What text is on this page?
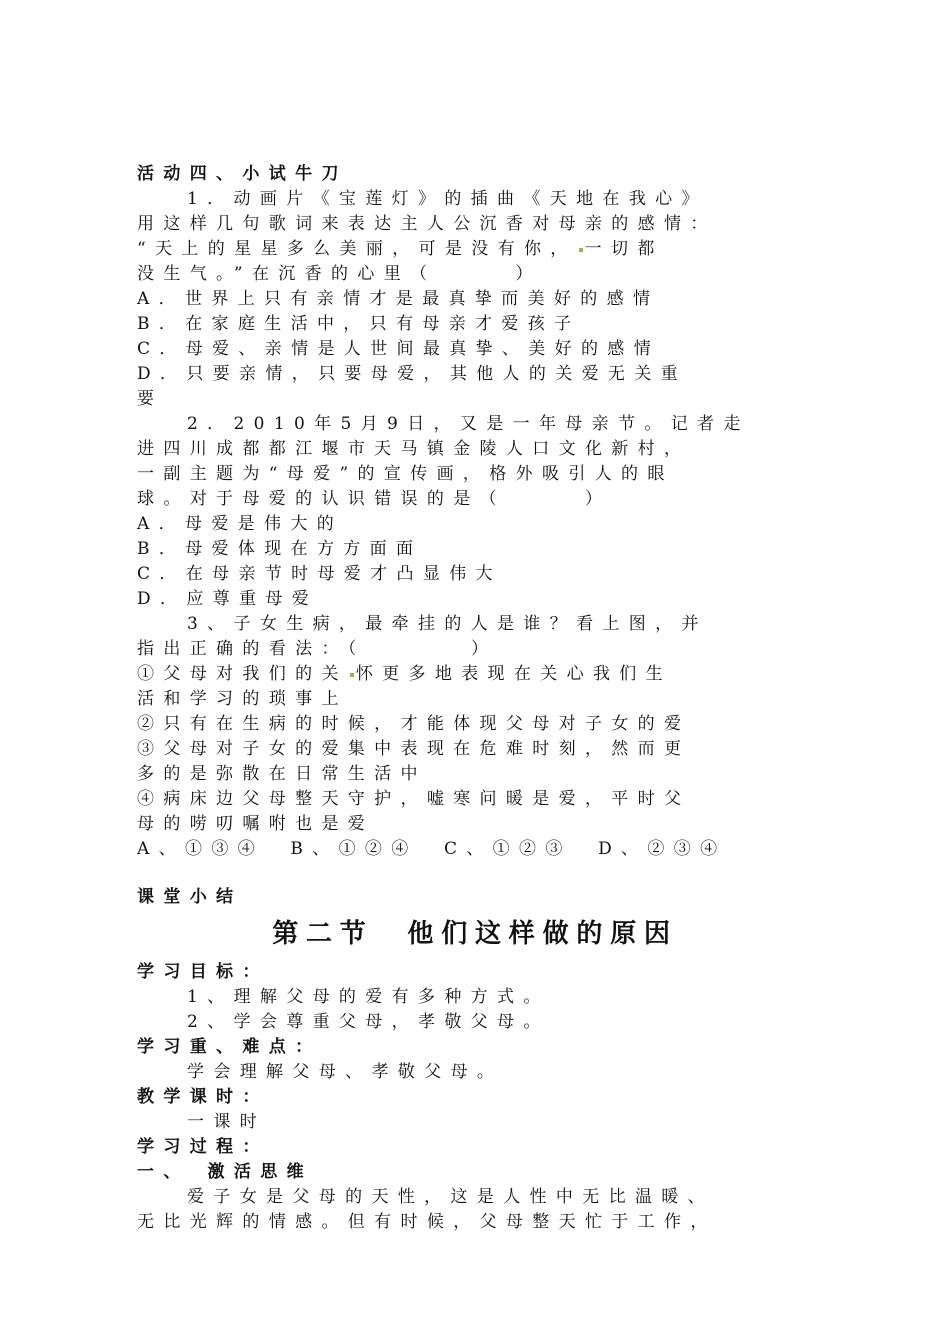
活动四、小试牛刀
1．动画片《宝莲灯》的插曲《天地在我心》
用这样几句歌词来表达主人公沉香对母亲的感情：
“天上的星星多么美丽，可是没有你， 一切都
没生气。”在沉香的心里（　　　）
A．世界上只有亲情才是最真挚而美好的感情
B．在家庭生活中，只有母亲才爱孩子
C．母爱、亲情是人世间最真挚、美好的感情
D．只要亲情，只要母爱，其他人的关爱无关重
要
2．2010年5月9日，又是一年母亲节。记者走
进四川成都都江堰市天马镇金陵人口文化新村，
一副主题为“母爱”的宣传画，格外吸引人的眼
球。对于母爱的认识错误的是（　　　）
A．母爱是伟大的
B．母爱体现在方方面面
C．在母亲节时母爱才凸显伟大
D．应尊重母爱
3、子女生病，最牵挂的人是谁？看上图，并
指出正确的看法：（　　　　）
①父母对我们的关 怀更多地表现在关心我们生
活和学习的琐事上
②只有在生病的时候，才能体现父母对子女的爱
③父母对子女的爱集中表现在危难时刻，然而更
多的是弥散在日常生活中
④病床边父母整天守护，嘘寒问暖是爱，平时父
母的唠叨嘱咐也是爱
A、①③④　B、①②④　C、①②③　D、②③④
课堂小结
第二节　他们这样做的原因
学习目标：
1、理解父母的爱有多种方式。
2、学会尊重父母，孝敬父母。
学习重、难点：
学会理解父母、孝敬父母。
教学课时：
一课时
学习过程：
一、　激活思维
爱子女是父母的天性，这是人性中无比温暖、
无比光辉的情感。但有时候，父母整天忙于工作，
